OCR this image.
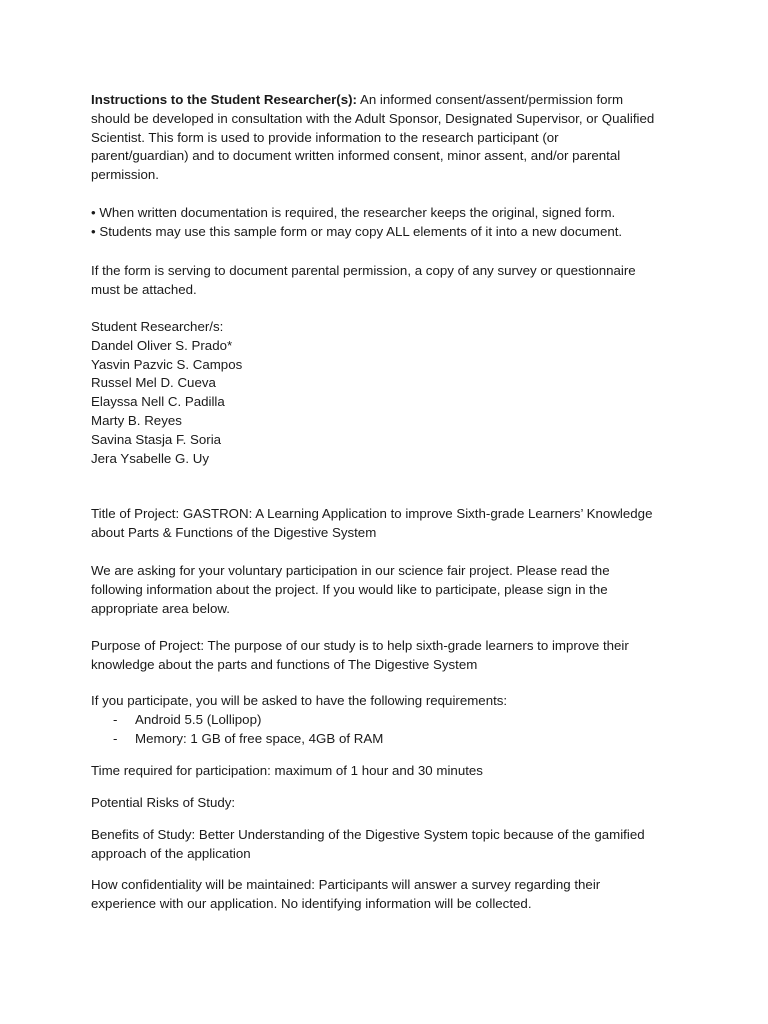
Instructions to the Student Researcher(s): An informed consent/assent/permission form
should be developed in consultation with the Adult Sponsor, Designated Supervisor, or Qualified
Scientist. This form is used to provide information to the research participant (or
parent/guardian) and to document written informed consent, minor assent, and/or parental
permission.
• When written documentation is required, the researcher keeps the original, signed form.
• Students may use this sample form or may copy ALL elements of it into a new document.
If the form is serving to document parental permission, a copy of any survey or questionnaire
must be attached.
Student Researcher/s:
Dandel Oliver S. Prado*
Yasvin Pazvic S. Campos
Russel Mel D. Cueva
Elayssa Nell C. Padilla
Marty B. Reyes
Savina Stasja F. Soria
Jera Ysabelle G. Uy
Title of Project: GASTRON: A Learning Application to improve Sixth-grade Learners’ Knowledge
about Parts & Functions of the Digestive System
We are asking for your voluntary participation in our science fair project. Please read the
following information about the project. If you would like to participate, please sign in the
appropriate area below.
Purpose of Project: The purpose of our study is to help sixth-grade learners to improve their
knowledge about the parts and functions of The Digestive System
If you participate, you will be asked to have the following requirements:
-	Android 5.5 (Lollipop)
-	Memory: 1 GB of free space, 4GB of RAM
Time required for participation: maximum of 1 hour and 30 minutes
Potential Risks of Study:
Benefits of Study: Better Understanding of the Digestive System topic because of the gamified
approach of the application
How confidentiality will be maintained: Participants will answer a survey regarding their
experience with our application. No identifying information will be collected.
